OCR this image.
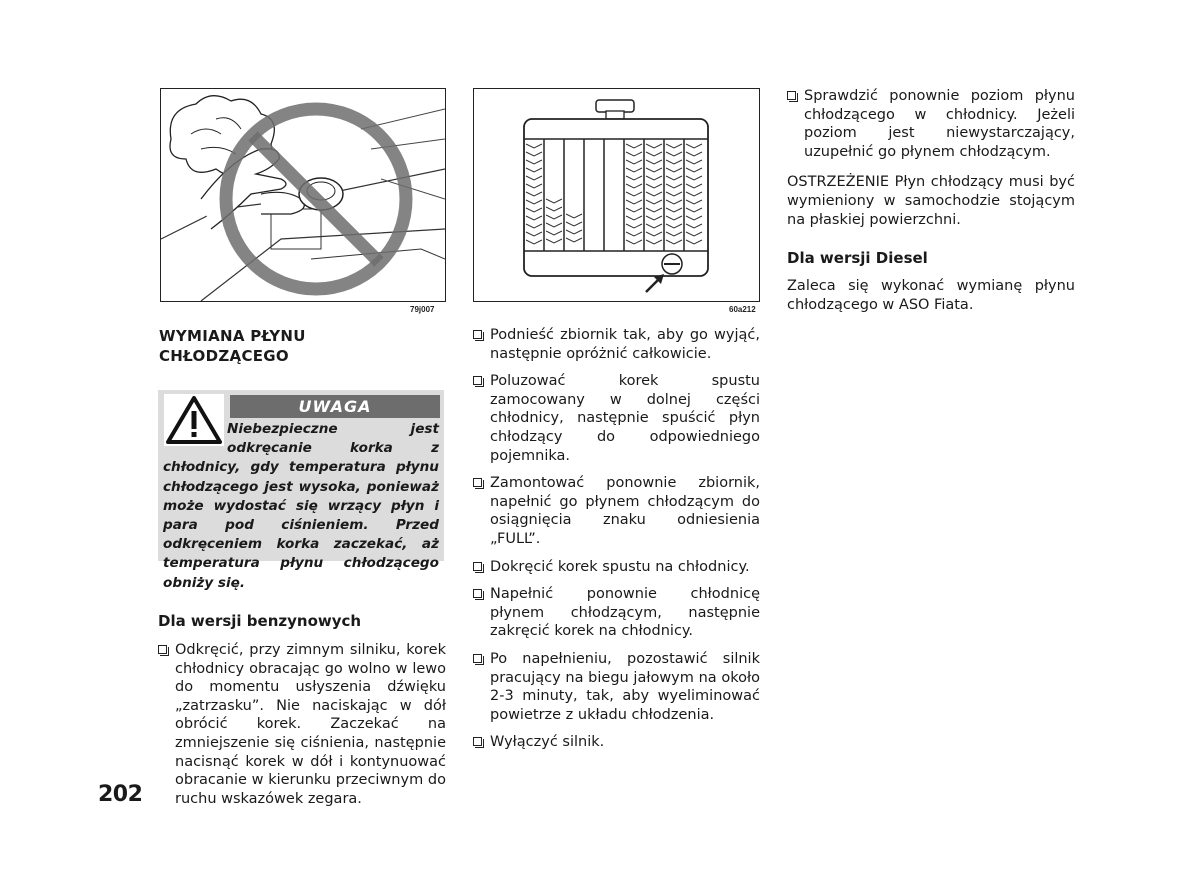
79j007	60a212
WYMIANA PŁYNU
CHŁODZĄCEGO
UWAGA
Niebezpieczne jest odkręcanie korka z chłodnicy, gdy temperatura płynu chłodzącego jest wysoka, ponieważ może wydostać się wrzący płyn i para pod ciśnieniem. Przed odkręceniem korka zaczekać, aż temperatura płynu chłodzącego obniży się.
Dla wersji benzynowych
Odkręcić, przy zimnym silniku, korek chłodnicy obracając go wolno w lewo do momentu usłyszenia dźwięku „zatrzasku”. Nie naciskając w dół obrócić korek. Zaczekać na zmniejszenie się ciśnienia, następnie nacisnąć korek w dół i kontynuować obracanie w kierunku przeciwnym do ruchu wskazówek zegara.
202
Podnieść zbiornik tak, aby go wyjąć, następnie opróżnić całkowicie.
Poluzować korek spustu zamocowany w dolnej części chłodnicy, następnie spuścić płyn chłodzący do odpowiedniego pojemnika.
Zamontować ponownie zbiornik, napełnić go płynem chłodzącym do osiągnięcia znaku odniesienia „FULL”.
Dokręcić korek spustu na chłodnicy.
Napełnić ponownie chłodnicę płynem chłodzącym, następnie zakręcić korek na chłodnicy.
Po napełnieniu, pozostawić silnik pracujący na biegu jałowym na około 2-3 minuty, tak, aby wyeliminować powietrze z układu chłodzenia.
Wyłączyć silnik.
Sprawdzić ponownie poziom płynu chłodzącego w chłodnicy. Jeżeli poziom jest niewystarczający, uzupełnić go płynem chłodzącym.

OSTRZEŻENIE Płyn chłodzący musi być wymieniony w samochodzie stojącym na płaskiej powierzchni.

Dla wersji Diesel

Zaleca się wykonać wymianę płynu chłodzącego w ASO Fiata.
